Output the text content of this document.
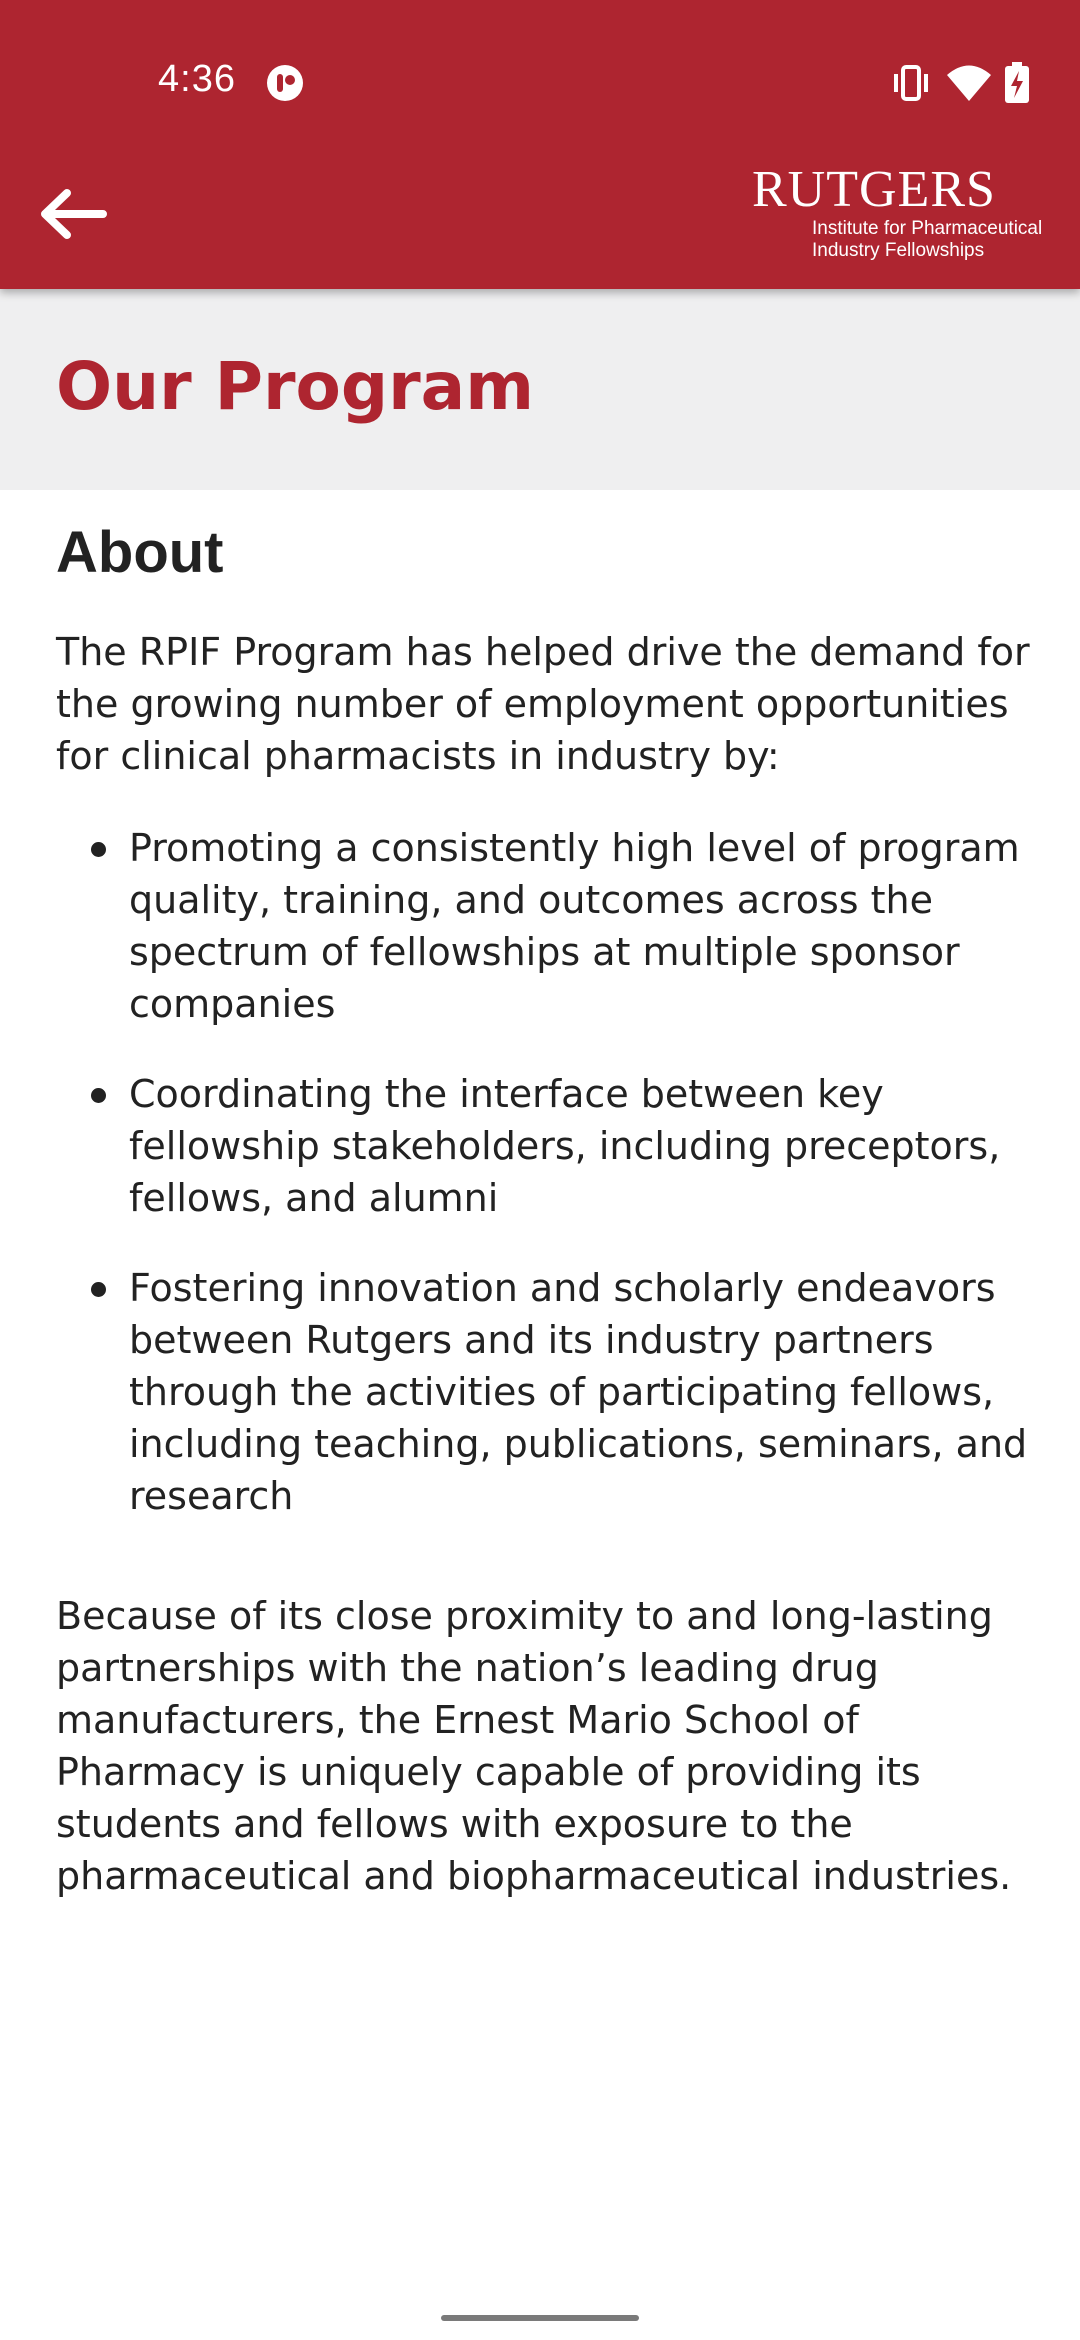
4:36
RUTGERS
Institute for Pharmaceutical
Industry Fellowships
Our Program
About

The RPIF Program has helped drive the demand for the growing number of employment opportunities for clinical pharmacists in industry by:

Promoting a consistently high level of program quality, training, and outcomes across the spectrum of fellowships at multiple sponsor companies
Coordinating the interface between key fellowship stakeholders, including preceptors, fellows, and alumni
Fostering innovation and scholarly endeavors between Rutgers and its industry partners through the activities of participating fellows, including teaching, publications, seminars, and research

Because of its close proximity to and long-lasting partnerships with the nation’s leading drug manufacturers, the Ernest Mario School of Pharmacy is uniquely capable of providing its students and fellows with exposure to the pharmaceutical and biopharmaceutical industries.
